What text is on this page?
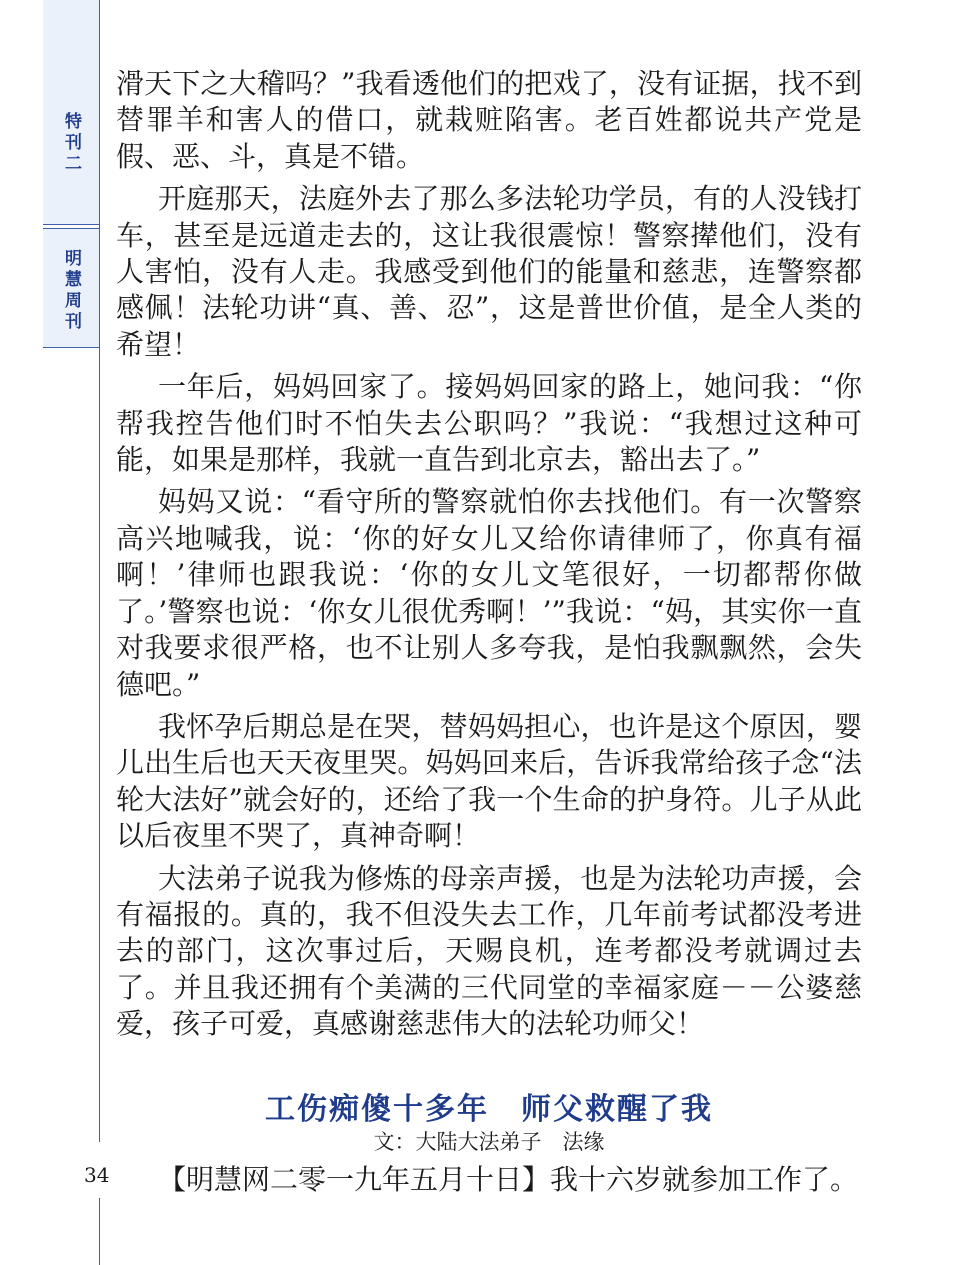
特刊二
明慧周刊

滑天下之大稽吗？”我看透他们的把戏了，没有证据，找不到替罪羊和害人的借口，就栽赃陷害。老百姓都说共产党是假、恶、斗，真是不错。

开庭那天，法庭外去了那么多法轮功学员，有的人没钱打车，甚至是远道走去的，这让我很震惊！警察撵他们，没有人害怕，没有人走。我感受到他们的能量和慈悲，连警察都感佩！法轮功讲“真、善、忍”，这是普世价值，是全人类的希望！

一年后，妈妈回家了。接妈妈回家的路上，她问我：“你帮我控告他们时不怕失去公职吗？”我说：“我想过这种可能，如果是那样，我就一直告到北京去，豁出去了。”

妈妈又说：“看守所的警察就怕你去找他们。有一次警察高兴地喊我，说：‘你的好女儿又给你请律师了，你真有福啊！’律师也跟我说：‘你的女儿文笔很好，一切都帮你做了。’警察也说：‘你女儿很优秀啊！’”我说：“妈，其实你一直对我要求很严格，也不让别人多夸我，是怕我飘飘然，会失德吧。”

我怀孕后期总是在哭，替妈妈担心，也许是这个原因，婴儿出生后也天天夜里哭。妈妈回来后，告诉我常给孩子念“法轮大法好”就会好的，还给了我一个生命的护身符。儿子从此以后夜里不哭了，真神奇啊！

大法弟子说我为修炼的母亲声援，也是为法轮功声援，会有福报的。真的，我不但没失去工作，几年前考试都没考进去的部门，这次事过后，天赐良机，连考都没考就调过去了。并且我还拥有个美满的三代同堂的幸福家庭－－公婆慈爱，孩子可爱，真感谢慈悲伟大的法轮功师父！

工伤痴傻十多年　师父救醒了我
文：大陆大法弟子　法缘
34 【明慧网二零一九年五月十日】我十六岁就参加工作了。
